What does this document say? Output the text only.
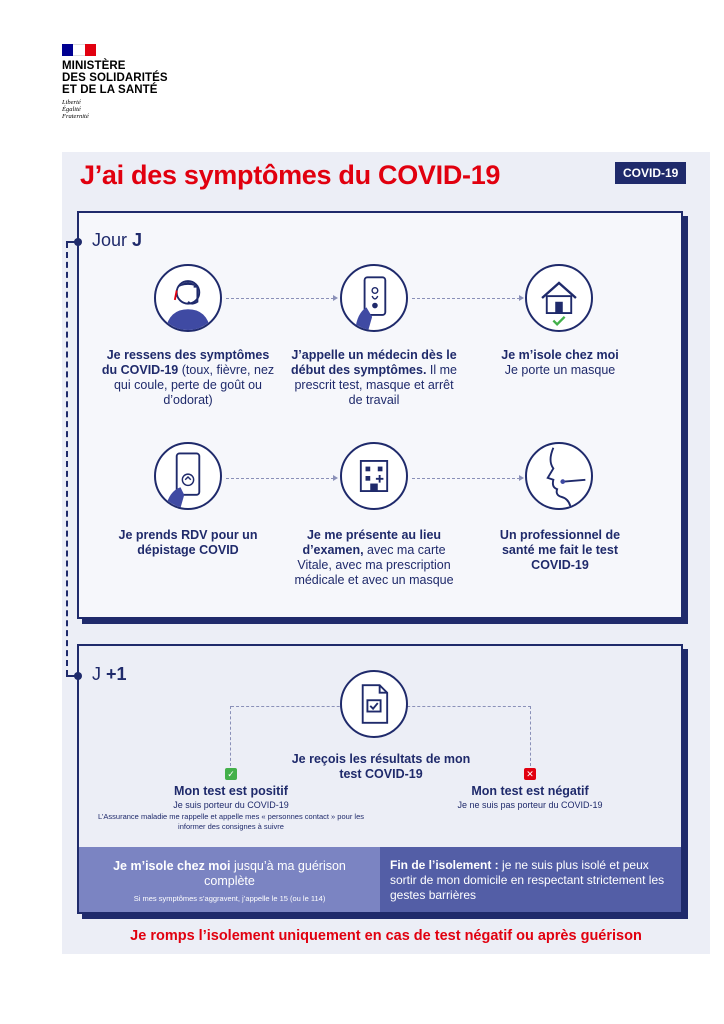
MINISTÈRE
DES SOLIDARITÉS
ET DE LA SANTÉ
Liberté
Égalité
Fraternité
J’ai des symptômes du COVID-19	COVID-19
Jour J
J +1
Je ressens des symptômes du COVID-19 (toux, fièvre, nez qui coule, perte de goût ou d’odorat)
J’appelle un médecin dès le début des symptômes. Il me prescrit test, masque et arrêt de travail
Je m’isole chez moi
Je porte un masque
Je prends RDV pour un dépistage COVID
Je me présente au lieu d’examen, avec ma carte Vitale, avec ma prescription médicale et avec un masque
Un professionnel de santé me fait le test COVID-19
Je reçois les résultats de mon test COVID-19
✓	✕
Mon test est positif
Je suis porteur du COVID-19
L’Assurance maladie me rappelle et appelle mes « personnes contact » pour les informer des consignes à suivre
Mon test est négatif
Je ne suis pas porteur du COVID-19
Je m’isole chez moi jusqu’à ma guérison complète
Si mes symptômes s’aggravent, j’appelle le 15 (ou le 114)
Fin de l’isolement : je ne suis plus isolé et peux sortir de mon domicile en respectant strictement les gestes barrières
Je romps l’isolement uniquement en cas de test négatif ou après guérison
